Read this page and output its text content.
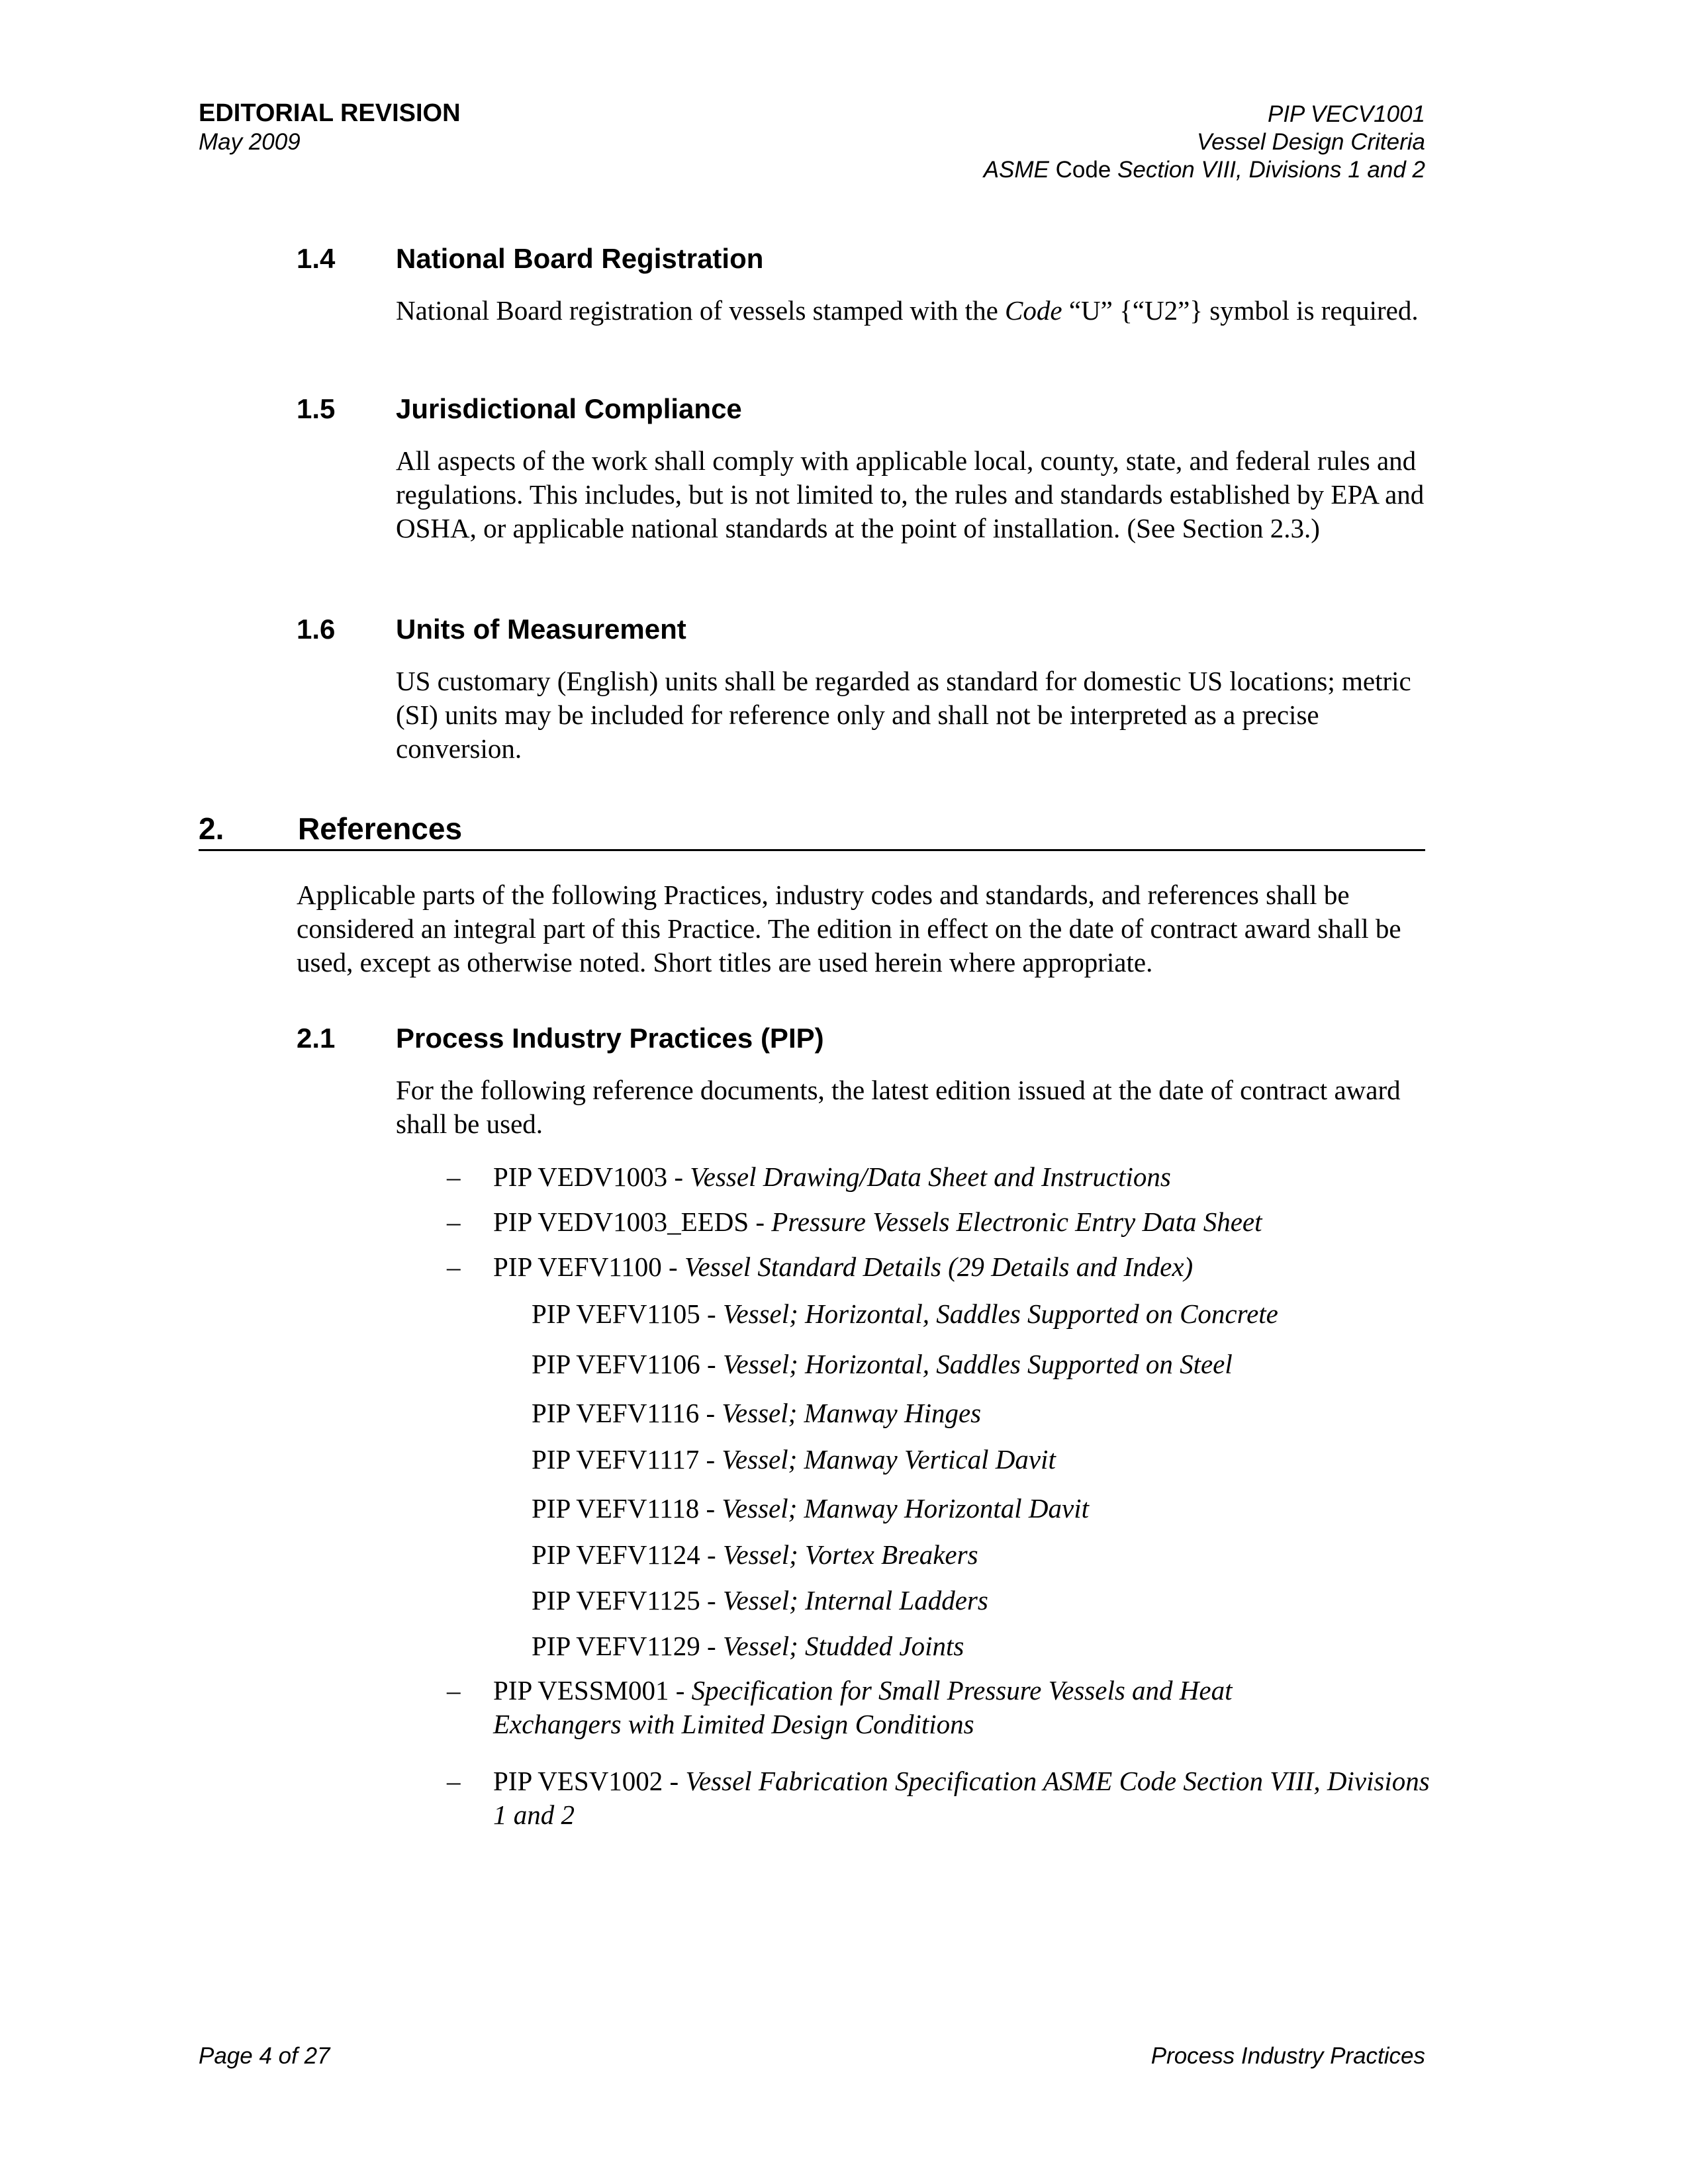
EDITORIAL REVISION
May 2009
PIP VECV1001
Vessel Design Criteria
ASME Code Section VIII, Divisions 1 and 2
1.4 National Board Registration
National Board registration of vessels stamped with the Code “U” {“U2”} symbol is required.
1.5 Jurisdictional Compliance
All aspects of the work shall comply with applicable local, county, state, and federal rules and regulations. This includes, but is not limited to, the rules and standards established by EPA and OSHA, or applicable national standards at the point of installation. (See Section 2.3.)
1.6 Units of Measurement
US customary (English) units shall be regarded as standard for domestic US locations; metric (SI) units may be included for reference only and shall not be interpreted as a precise conversion.
2. References
Applicable parts of the following Practices, industry codes and standards, and references shall be considered an integral part of this Practice. The edition in effect on the date of contract award shall be used, except as otherwise noted. Short titles are used herein where appropriate.
2.1 Process Industry Practices (PIP)
For the following reference documents, the latest edition issued at the date of contract award shall be used.
– PIP VEDV1003 - Vessel Drawing/Data Sheet and Instructions
– PIP VEDV1003_EEDS - Pressure Vessels Electronic Entry Data Sheet
– PIP VEFV1100 - Vessel Standard Details (29 Details and Index)
PIP VEFV1105 - Vessel; Horizontal, Saddles Supported on Concrete
PIP VEFV1106 - Vessel; Horizontal, Saddles Supported on Steel
PIP VEFV1116 - Vessel; Manway Hinges
PIP VEFV1117 - Vessel; Manway Vertical Davit
PIP VEFV1118 - Vessel; Manway Horizontal Davit
PIP VEFV1124 - Vessel; Vortex Breakers
PIP VEFV1125 - Vessel; Internal Ladders
PIP VEFV1129 - Vessel; Studded Joints
– PIP VESSM001 - Specification for Small Pressure Vessels and Heat Exchangers with Limited Design Conditions
– PIP VESV1002 - Vessel Fabrication Specification ASME Code Section VIII, Divisions 1 and 2
Page 4 of 27	Process Industry Practices
